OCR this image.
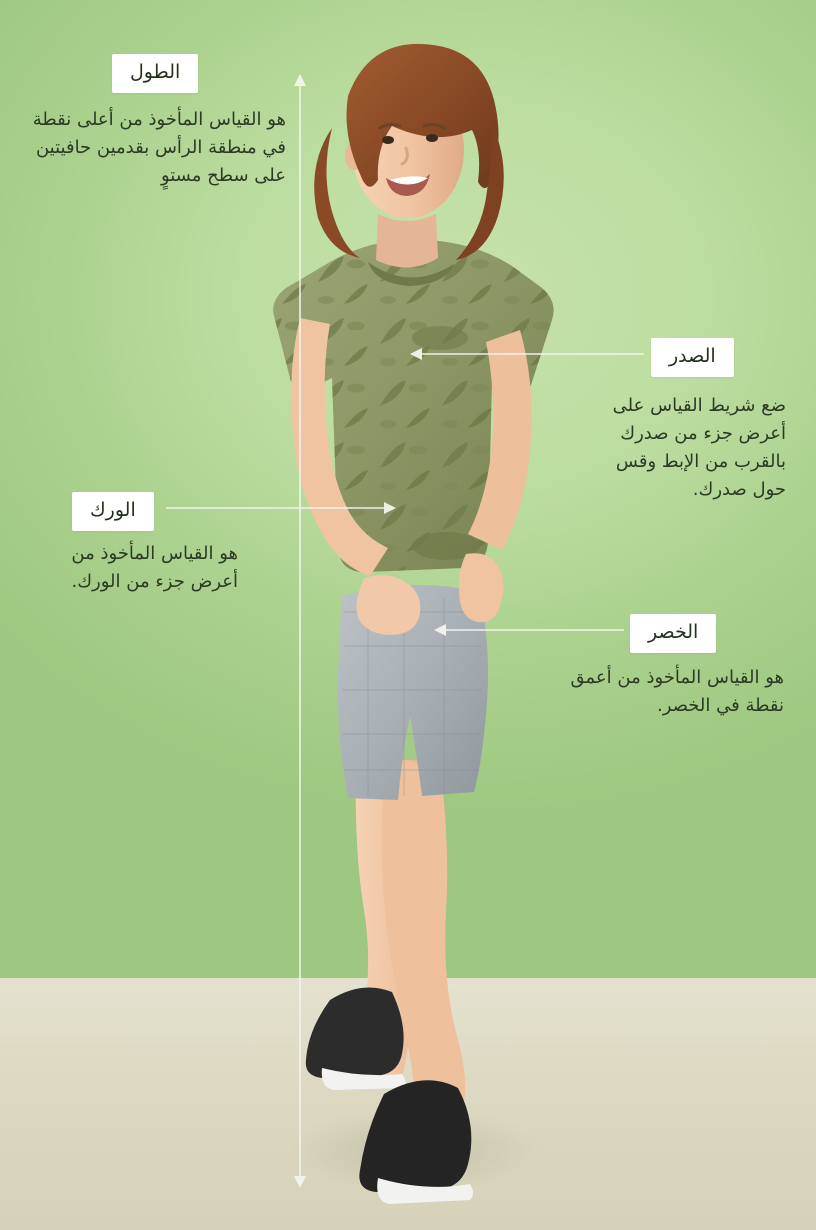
الطول
هو القياس المأخوذ من أعلى نقطة في منطقة الرأس بقدمين حافيتين على سطح مستوٍ
الصدر
ضع شريط القياس على أعرض جزء من صدرك بالقرب من الإبط وقس حول صدرك.
الورك
هو القياس المأخوذ من أعرض جزء من الورك.
الخصر
هو القياس المأخوذ من أعمق نقطة في الخصر.
